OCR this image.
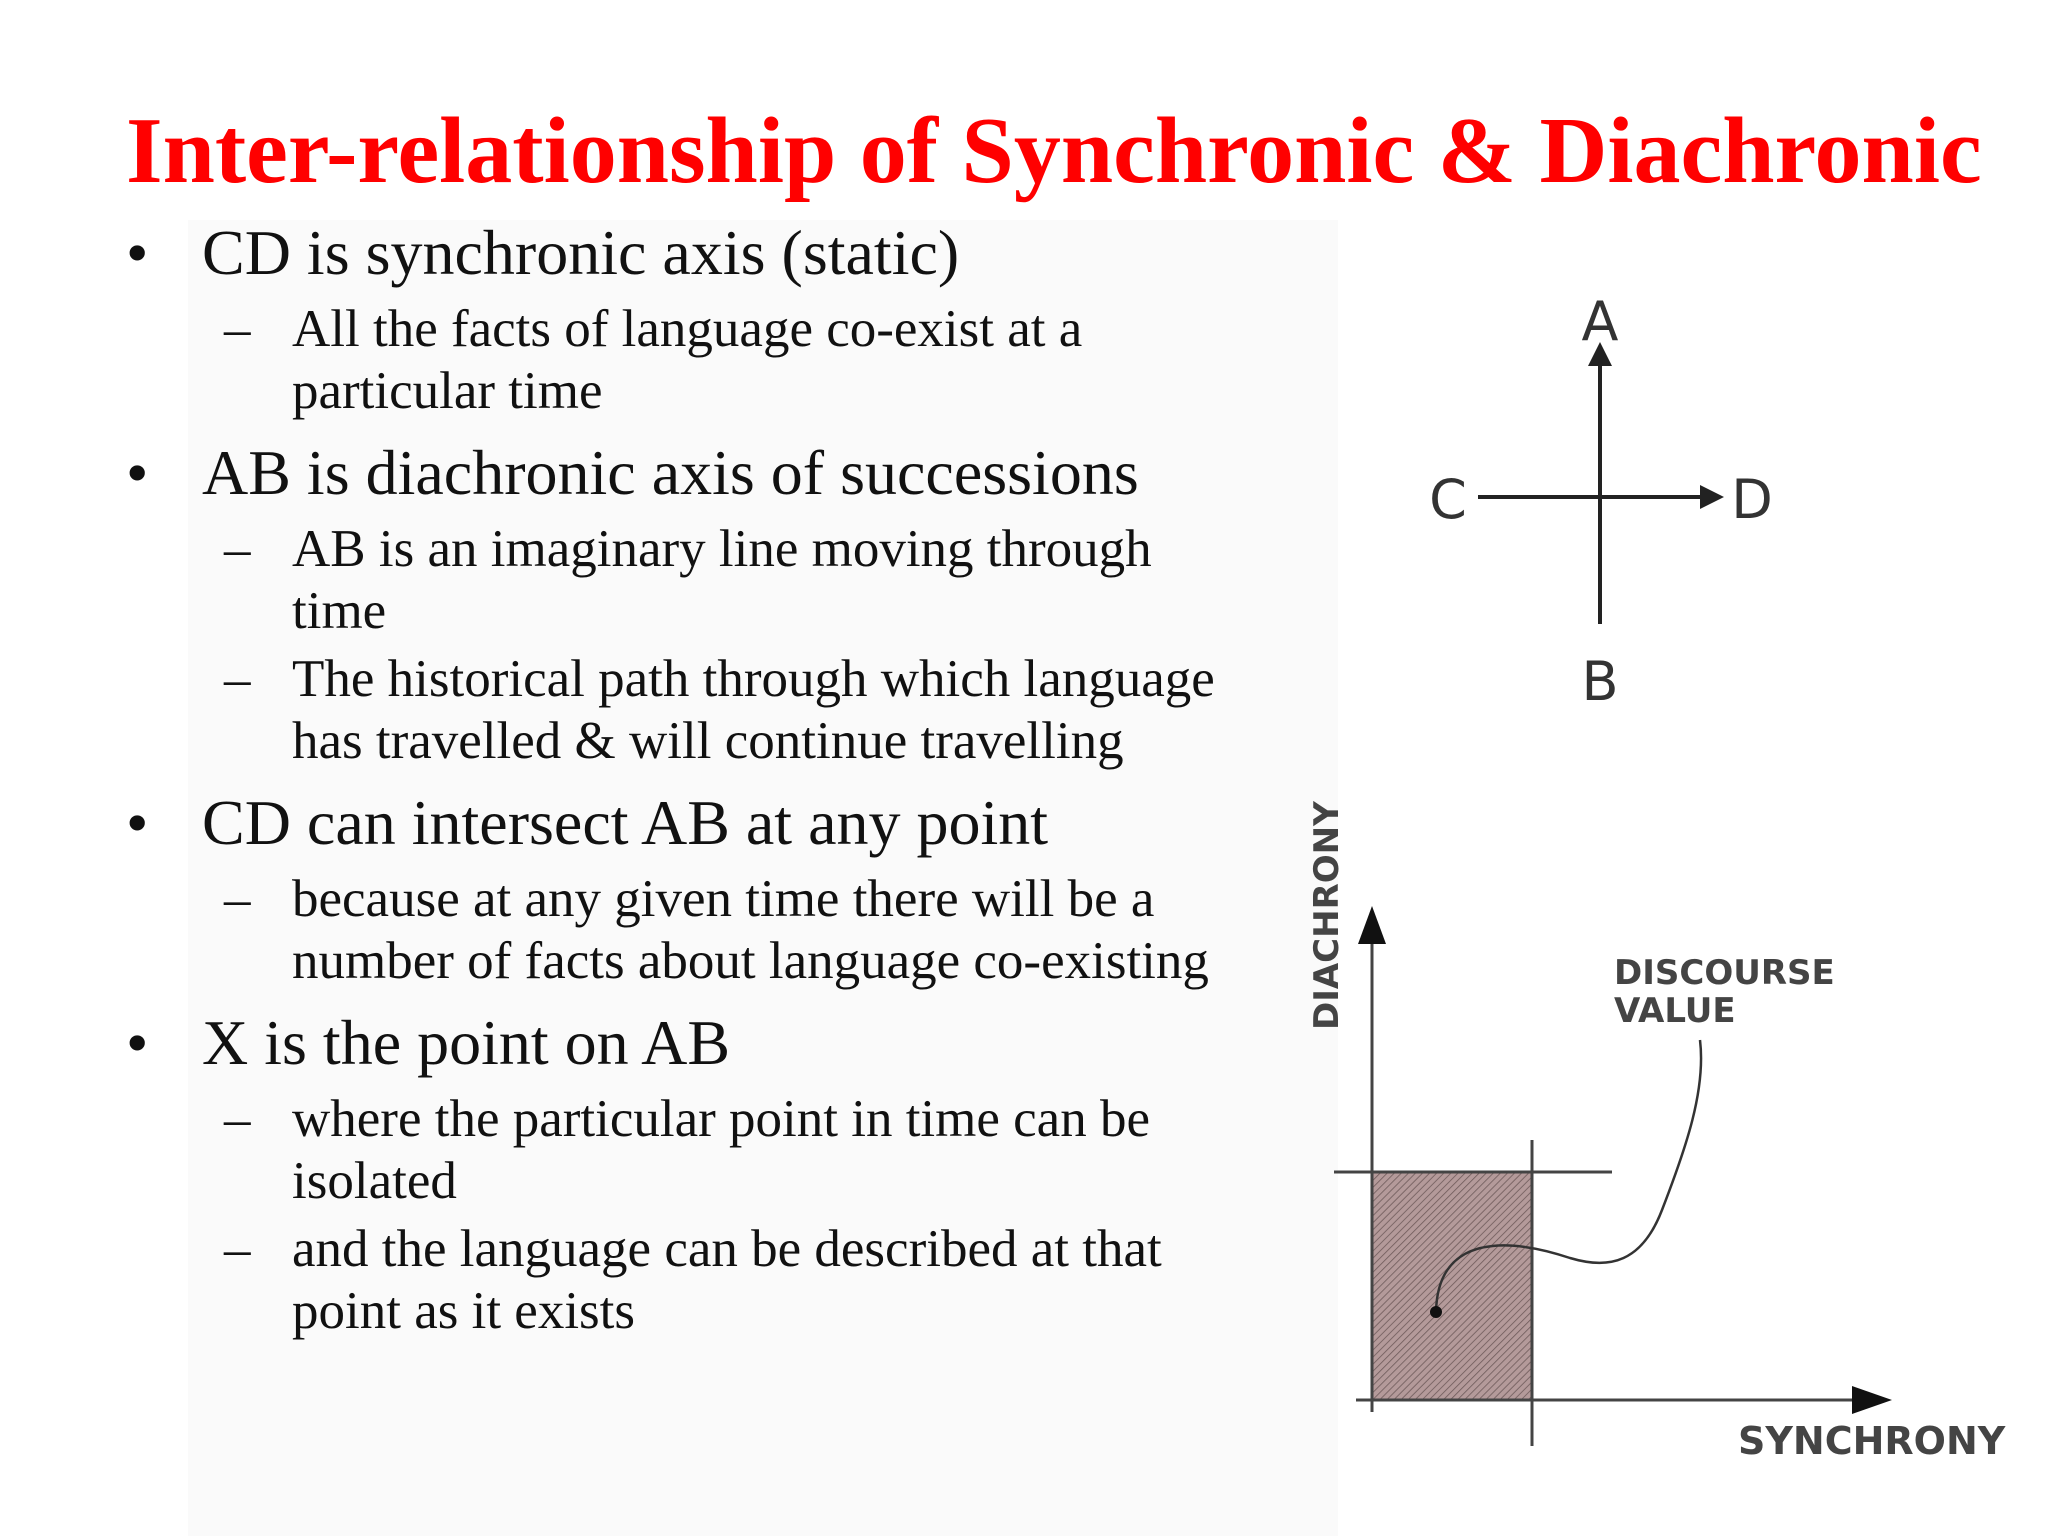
Inter-relationship of Synchronic & Diachronic
• CD is synchronic axis (static)
– All the facts of language co-exist at a particular time
• AB is diachronic axis of successions
– AB is an imaginary line moving through time
– The historical path through which language has travelled & will continue travelling
• CD can intersect AB at any point
– because at any given time there will be a number of facts about language co-existing
• X is the point on AB
– where the particular point in time can be isolated
– and the language can be described at that point as it exists
A
B
C	D
DIACHRONY
SYNCHRONY
DISCOURSE
VALUE
